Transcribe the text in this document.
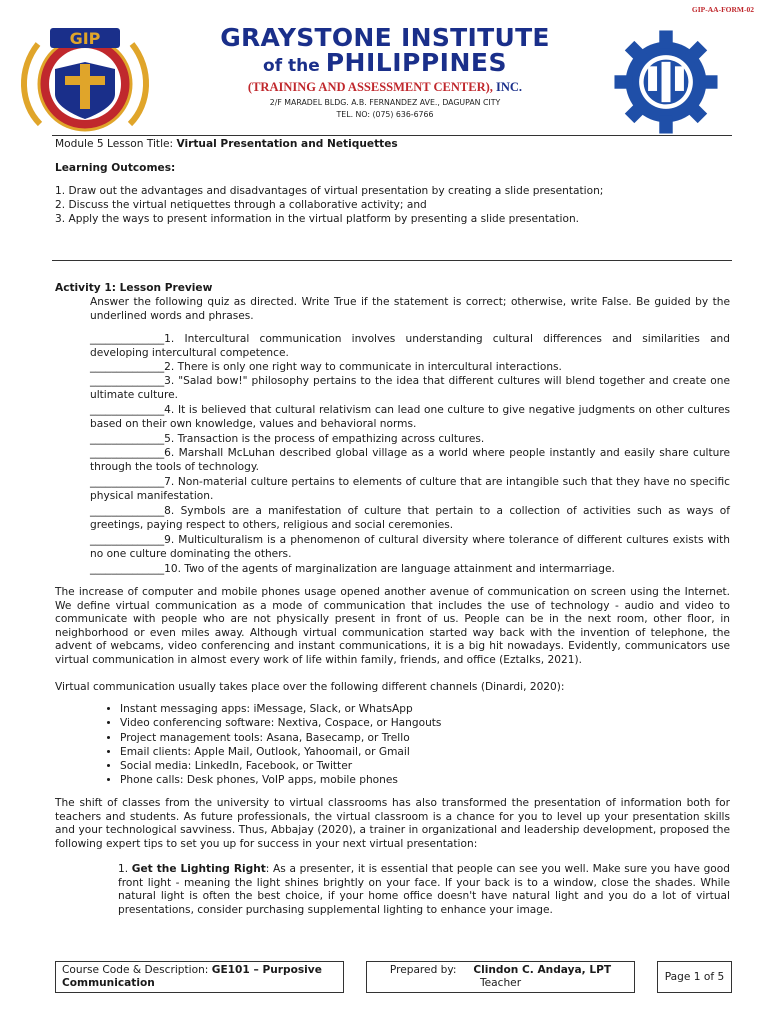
GIP-AA-FORM-02
GIP	GRAYSTONE INSTITUTE
of the PHILIPPINES
(TRAINING AND ASSESSMENT CENTER), INC.
2/F MARADEL BLDG. A.B. FERNANDEZ AVE., DAGUPAN CITY
TEL. NO: (075) 636-6766
Module 5 Lesson Title: Virtual Presentation and Netiquettes
Learning Outcomes:
1. Draw out the advantages and disadvantages of virtual presentation by creating a slide presentation;
2. Discuss the virtual netiquettes through a collaborative activity; and
3. Apply the ways to present information in the virtual platform by presenting a slide presentation.
Activity 1: Lesson Preview
Answer the following quiz as directed. Write True if the statement is correct; otherwise, write False. Be guided by the underlined words and phrases.
______________1. Intercultural communication involves understanding cultural differences and similarities and developing intercultural competence.
______________2. There is only one right way to communicate in intercultural interactions.
______________3. "Salad bow!" philosophy pertains to the idea that different cultures will blend together and create one ultimate culture.
______________4. It is believed that cultural relativism can lead one culture to give negative judgments on other cultures based on their own knowledge, values and behavioral norms.
______________5. Transaction is the process of empathizing across cultures.
______________6. Marshall McLuhan described global village as a world where people instantly and easily share culture through the tools of technology.
______________7. Non-material culture pertains to elements of culture that are intangible such that they have no specific physical manifestation.
______________8. Symbols are a manifestation of culture that pertain to a collection of activities such as ways of greetings, paying respect to others, religious and social ceremonies.
______________9. Multiculturalism is a phenomenon of cultural diversity where tolerance of different cultures exists with no one culture dominating the others.
______________10. Two of the agents of marginalization are language attainment and intermarriage.
The increase of computer and mobile phones usage opened another avenue of communication on screen using the Internet. We define virtual communication as a mode of communication that includes the use of technology - audio and video to communicate with people who are not physically present in front of us. People can be in the next room, other floor, in neighborhood or even miles away. Although virtual communication started way back with the invention of telephone, the advent of webcams, video conferencing and instant communications, it is a big hit nowadays. Evidently, communicators use virtual communication in almost every work of life within family, friends, and office (Eztalks, 2021).
Virtual communication usually takes place over the following different channels (Dinardi, 2020):
• Instant messaging apps: iMessage, Slack, or WhatsApp
• Video conferencing software: Nextiva, Cospace, or Hangouts
• Project management tools: Asana, Basecamp, or Trello
• Email clients: Apple Mail, Outlook, Yahoomail, or Gmail
• Social media: LinkedIn, Facebook, or Twitter
• Phone calls: Desk phones, VoIP apps, mobile phones
The shift of classes from the university to virtual classrooms has also transformed the presentation of information both for teachers and students. As future professionals, the virtual classroom is a chance for you to level up your presentation skills and your technological savviness. Thus, Abbajay (2020), a trainer in organizational and leadership development, proposed the following expert tips to set you up for success in your next virtual presentation:
1. Get the Lighting Right: As a presenter, it is essential that people can see you well. Make sure you have good front light - meaning the light shines brightly on your face. If your back is to a window, close the shades. While natural light is often the best choice, if your home office doesn't have natural light and you do a lot of virtual presentations, consider purchasing supplemental lighting to enhance your image.
Course Code & Description: GE101 – Purposive Communication		
Prepared by: Clindon C. Andaya, LPT
Teacher
		Page 1 of 5
